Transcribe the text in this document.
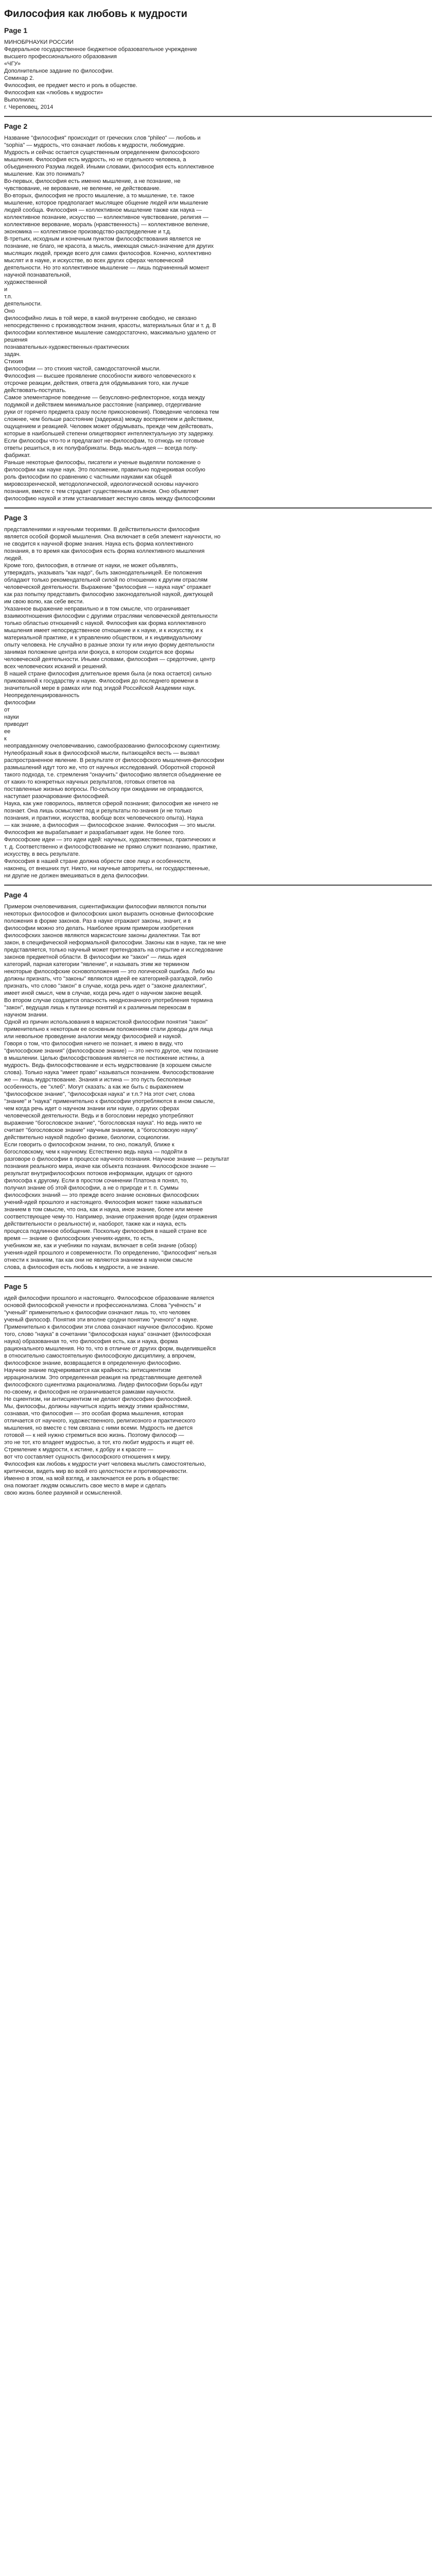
Философия как любовь к мудрости
Page 1
МИНОБРНАУКИ РОССИИ
Федеральное государственное бюджетное образовательное учреждение
высшего профессионального образования
«ЧГУ»
Дополнительное задание по философии.
Семинар 2.
Философия, ее предмет место и роль в обществе.
Философия как «любовь к мудрости»
Выполнила:
г. Череповец, 2014
Page 2
Название "философия" происходит от греческих слов "phileo" — любовь и
"sophia" — мудрость, что означает любовь к мудрости, любомудрие.
Мудрость и сейчас остается существенным определением философского
мышления. Философия есть мудрость, но не отдельного человека, а
объединенного Разума людей. Иными словами, философия есть коллективное
мышление. Как это понимать?
Во-первых, философия есть именно мышление, а не познание, не
чувствование, не верование, не веление, не действование.
Во-вторых, философия не просто мышление, а то мышление, т.е. такое
мышление, которое предполагает мыслящее общение людей или мышление
людей сообща. Философия — коллективное мышление также как наука —
коллективное познание, искусство — коллективное чувствование, религия —
коллективное верование, мораль (нравственность) — коллективное веление,
экономика — коллективное производство-распределение и т.д.
В-третьих, исходным и конечным пунктом философствования является не
познание, не благо, не красота, а мысль, имеющая смысл-значение для других
мыслящих людей, прежде всего для самих философов. Конечно, коллективно
мыслят и в науке, и искусстве, во всех других сферах человеческой
деятельности. Но это коллективное мышление — лишь подчиненный момент
научной познавательной,
художественной
и
т.п.
деятельности.
Оно
философийно лишь в той мере, в какой внутренне свободно, не связано
непосредственно с производством знания, красоты, материальных благ и т. д. В
философии коллективное мышление самодостаточно, максимально удалено от
решения
познавательных-художественных-практических
задач.
Стихия
философии — это стихия чистой, самодостаточной мысли.
Философия — высшее проявление способности живого человеческого к
отсрочке реакции, действия, ответа для обдумывания того, как лучше
действовать-поступать.
Самое элементарное поведение — безусловно-рефлекторное, когда между
подумкой и действием минимальное расстояние (например, отдергивание
руки от горячего предмета сразу после прикосновения). Поведение человека тем
сложнее, чем больше расстояние (задержка) между восприятием и действием,
ощущением и реакцией. Человек может обдумывать, прежде чем действовать,
которые в наибольшей степени олицетворяют интеллектуальную эту задержку.
Если философы что-то и предлагают не-философам, то отнюдь не готовые
ответы решиться, в их полуфабрикаты. Ведь мысль-идея — всегда полу-
фабрикат.
Раньше некоторые философы, писатели и ученые выделяли положение о
философии как науке наук. Это положение, правильно подчеркивая особую
роль философии по сравнению с частными науками как общей
мировоззренческой, методологической, идеологической основы научного
познания, вместе с тем страдает существенным изъяном. Оно объявляет
философию наукой и этим устанавливает жесткую связь между философскими
Page 3
представлениями и научными теориями. В действительности философия
является особой формой мышления. Она включает в себя элемент научности, но
не сводится к научной форме знания. Наука есть форма коллективного
познания, в то время как философия есть форма коллективного мышления
людей.
Кроме того, философия, в отличие от науки, не может объявлять,
утверждать, указывать "как надо", быть законодательницей. Ее положения
обладают только рекомендательной силой по отношению к другим отраслям
человеческой деятельности. Выражение "философия — наука наук" отражает
как раз попытку представить философию законодательной наукой, диктующей
им свою волю, как себе вести.
Указанное выражение неправильно и в том смысле, что ограничивает
взаимоотношения философии с другими отраслями человеческой деятельности
только областью отношений с наукой. Философия как форма коллективного
мышления имеет непосредственное отношение и к науке, и к искусству, и к
материальной практике, и к управлению обществом, и к индивидуальному
опыту человека. Не случайно в разные эпохи ту или иную форму деятельности
занимая положение центра или фокуса, в котором сходится все формы
человеческой деятельности. Иными словами, философия — средоточие, центр
всех человеческих исканий и решений.
В нашей стране философия длительное время была (и пока остается) сильно
прикованной к государству и науке. Философия до последнего времени в
значительной мере в рамках или под эгидой Российской Академии наук.
Неопределенциированность
философии
от
науки
приводит
ее
к
неоправданному очеловечиванию, самообразованию философскому сциентизму.
Нулеобразный язык в философской мысли, пытающейся весть — вызвал
распространенное явление. В результате от философского мышления-философии
размышлений идут того же, что от научных исследований. Оборотной стороной
такого подхода, т.е. стремления "онаучить" философию является объединение ее
от каких-то конкретных научных результатов, готовых ответов на
поставленные жизнью вопросы. По-сельску при ожидании не оправдаются,
наступает разочарование философией.
Наука, как уже говорилось, является сферой познания; философия же ничего не
познает. Она лишь осмысляет под и результаты по-знания (и не только
познания, и практики, искусства, вообще всех человеческого опыта). Наука
— как знание, а философия — философское знание. Философия — это мысли.
Философия же вырабатывает и разрабатывает идеи. Не более того.
Философские идеи — это идеи идей: научных, художественных, практических и
т. д. Соответственно и философствование не прямо служит познанию, практике,
искусству, в весь результате.
Философия в нашей стране должна обрести свое лицо и особенности,
наконец, от внешних пут. Никто, ни научные авторитеты, ни государственные,
ни другие не должен вмешиваться в дела философии.
Page 4
Примером очеловечивания, сциентификации философии являются попытки
некоторых философов и философских школ выразить основные философские
положения в форме законов. Раз в науке отражают законы, значит, и в
философии можно это делать. Наиболее ярким примером изобретения
философских законов являются марксистские законы диалектики. Так вот
закон, в специфической неформальной философии. Законы как в науке, так не мне
представляется, только научный может претендовать на открытие и исследование
законов предметной области. В философии же "закон" — лишь идея
категорий, парная категории "явление", и называть этим же термином
некоторые философские основоположения — это логической ошибка. Либо мы
должны признать, что "законы" являются идеей ее категорией-разгадкой, либо
признать, что слово "закон" в случае, когда речь идет о "законе диалектики",
имеет иной смысл, чем в случае, когда речь идет о научном законе вещей.
Во втором случае создается опасность неоднозначного употребления термина
"закон", ведущая лишь к путанице понятий и к различным перекосам в
научном знании.
Одной из причин использования в марксистской философии понятия "закон"
применительно к некоторым ее основным положениям стали доводы для лица
или невольное проведение аналогии между философией и наукой.
Говоря о том, что философия ничего не познает, я имею в виду, что
"философские знания" (философское знание) — это нечто другое, чем познание
в мышлении. Целью философствования является не постижение истины, а
мудрость. Ведь философствование и есть мудрствование (в хорошем смысле
слова). Только наука "имеет право" называться познанием. Философствование
же — лишь мудрствование. Знания и истина — это пусть бесполезные
особенность, ее "хлеб". Могут сказать: а как же быть с выражением
"философское знание", "философская наука" и т.п.? На этот счет, слова
"знание" и "наука" применительно к философии употребляются в ином смысле,
чем когда речь идет о научном знании или науке, о других сферах
человеческой деятельности. Ведь и в богословии нередко употребляют
выражение "богословское знание", "богословская наука". Но ведь никто не
считает "богословское знание" научным знанием, а "богословскую науку"
действительно наукой подобно физике, биологии, социологии.
Если говорить о философском знании, то оно, пожалуй, ближе к
богословскому, чем к научному. Естественно ведь наука — подойти в
разговоре о философии в процессе научного познания. Научное знание — результат
познания реального мира, иначе как объекта познания. Философское знание —
результат внутрифилософских потоков информации, идущих от одного
философа к другому. Если в простом сочинении Платона я понял, то,
получил знание об этой философии, а не о природе и т. п. Суммы
философских знаний — это прежде всего знание основных философских
учений-идей прошлого и настоящего. Философия может также называться
знанием в том смысле, что она, как и наука, иное знание, более или менее
соответствующее чему-то. Например, знание отражения вроде (идеи отражения
действительности о реальности) и, наоборот, также как и наука, есть
процесса подлинное обобщение. Поскольку философия в нашей стране все
время — знание о философских учениях-идеях, то есть,
учебником же, как и учебники по наукам, включает в себя знание (обзор)
учения-идей прошлого и современности. По определению, "философия" нельзя
отнести к знаниям, так как они не являются знанием в научном смысле
слова, а философия есть любовь к мудрости, а не знание.
Page 5
идей философии прошлого и настоящего. Философское образование является
основой философской учености и профессионализма. Слова "учёность" и
"ученый" применительно к философии означают лишь то, что человек
ученый философ. Понятия эти вполне сродни понятию "ученого" в науке.
Применительно к философии эти слова означают научное философию. Кроме
того, слово "наука" в сочетании "философская наука" означает (философская
наука) образованная то, что философия есть, как и наука, форма
рационального мышления. Но то, что в отличие от других форм, выделившейся
в относительно самостоятельную философскую дисциплину, а впрочем,
философское знание, возвращается в определенную философию.
Научное знание подчеркивается как крайность: антисциентизм
иррационализм. Это определенная реакция на представляющие деятелей
философского сциентизма рационализма. Лидер философии борьбы идут
по-своему, и философия не ограничивается рамками научности.
Не сциентизм, ни антисциентизм не делают философию философией.
Мы, философы, должны научиться ходить между этими крайностями,
сознавая, что философия — это особая форма мышления, которая
отличается от научного, художественного, религиозного и практического
мышления, но вместе с тем связана с ними всеми. Мудрость не дается
готовой — к ней нужно стремиться всю жизнь. Поэтому философ —
это не тот, кто владеет мудростью, а тот, кто любит мудрость и ищет её.
Стремление к мудрости, к истине, к добру и к красоте —
вот что составляет сущность философского отношения к миру.
Философия как любовь к мудрости учит человека мыслить самостоятельно,
критически, видеть мир во всей его целостности и противоречивости.
Именно в этом, на мой взгляд, и заключается ее роль в обществе:
она помогает людям осмыслить свое место в мире и сделать
свою жизнь более разумной и осмысленной.
